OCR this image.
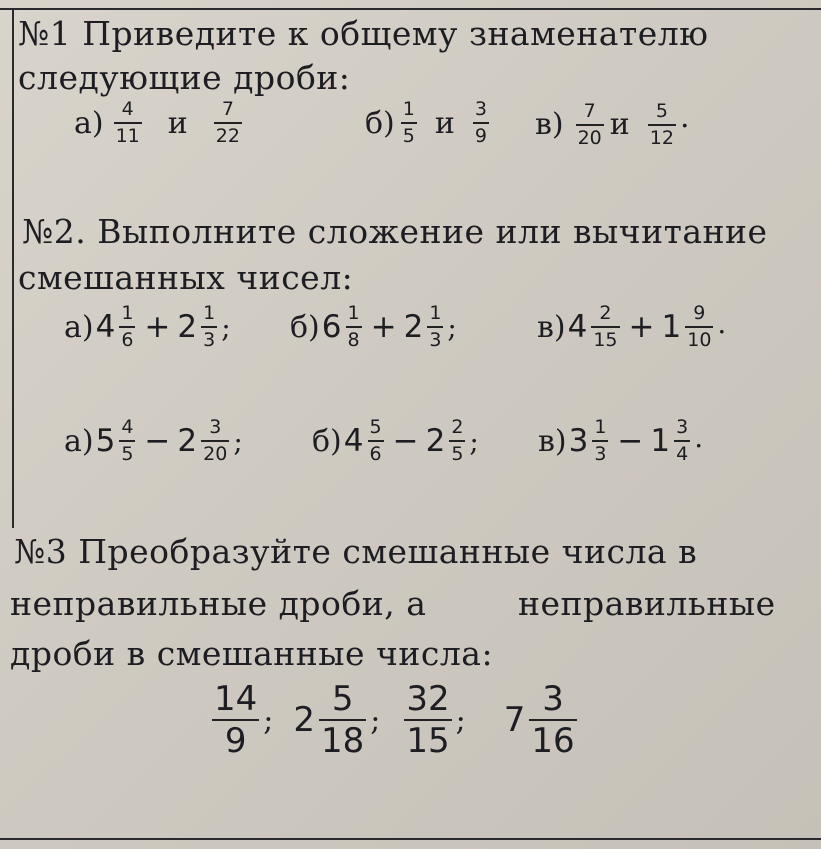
№1 Приведите к общему знаменателю
следующие дроби:
$а) \frac{4}{11}$ и $\frac{7}{22}$	$б) \frac{1}{5}$ и $\frac{3}{9} в) \frac{7}{20}$ и $\frac{5}{12}$ .
№2. Выполните сложение или вычитание
смешанных чисел:
а) $4 \frac{1}{6} + 2 \frac{1}{3}$ ; б) $6 \frac{1}{8} + 2 \frac{1}{3}$ ;	в) $4 \frac{2}{15} + 1 \frac{9}{10}$ .
а) $5 \frac{4}{5} - 2 \frac{3}{20}$ ; б) $4 \frac{5}{6} - 2 \frac{2}{5}$ ; в) $3 \frac{1}{3} - 1 \frac{3}{4}$ .
№3 Преобразуйте смешанные числа в
неправильные дроби, а	неправильные
дроби в смешанные числа:
$\frac{14}{9}$ ; $2 \frac{5}{18}$ ; $\frac{32}{15}$ ; $7 \frac{3}{16}$
